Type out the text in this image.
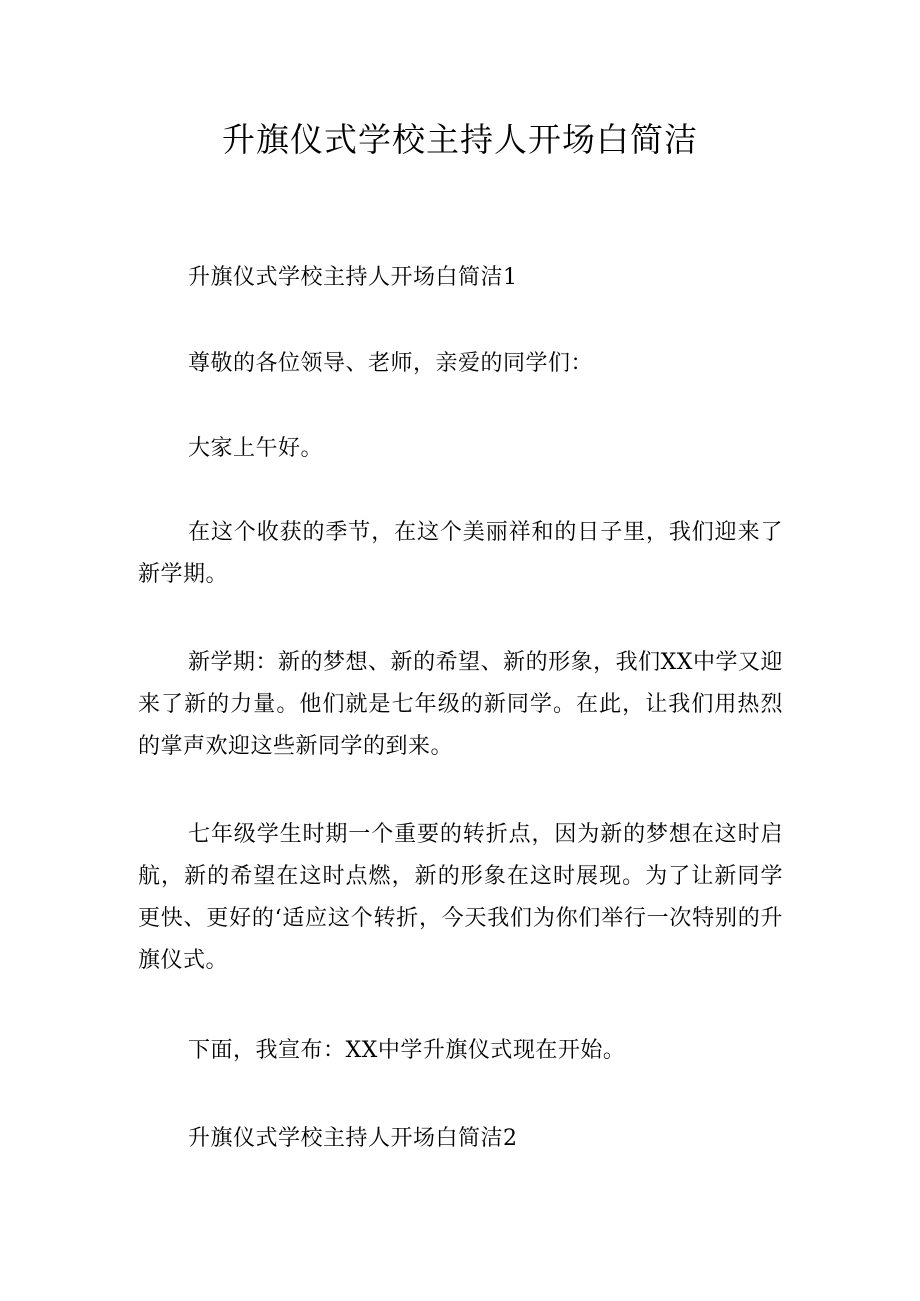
升旗仪式学校主持人开场白简洁

升旗仪式学校主持人开场白简洁1

尊敬的各位领导、老师，亲爱的同学们：

大家上午好。

在这个收获的季节，在这个美丽祥和的日子里，我们迎来了新学期。

新学期：新的梦想、新的希望、新的形象，我们XX中学又迎来了新的力量。他们就是七年级的新同学。在此，让我们用热烈的掌声欢迎这些新同学的到来。

七年级学生时期一个重要的转折点，因为新的梦想在这时启航，新的希望在这时点燃，新的形象在这时展现。为了让新同学更快、更好的‘适应这个转折，今天我们为你们举行一次特别的升旗仪式。

下面，我宣布：XX中学升旗仪式现在开始。

升旗仪式学校主持人开场白简洁2
